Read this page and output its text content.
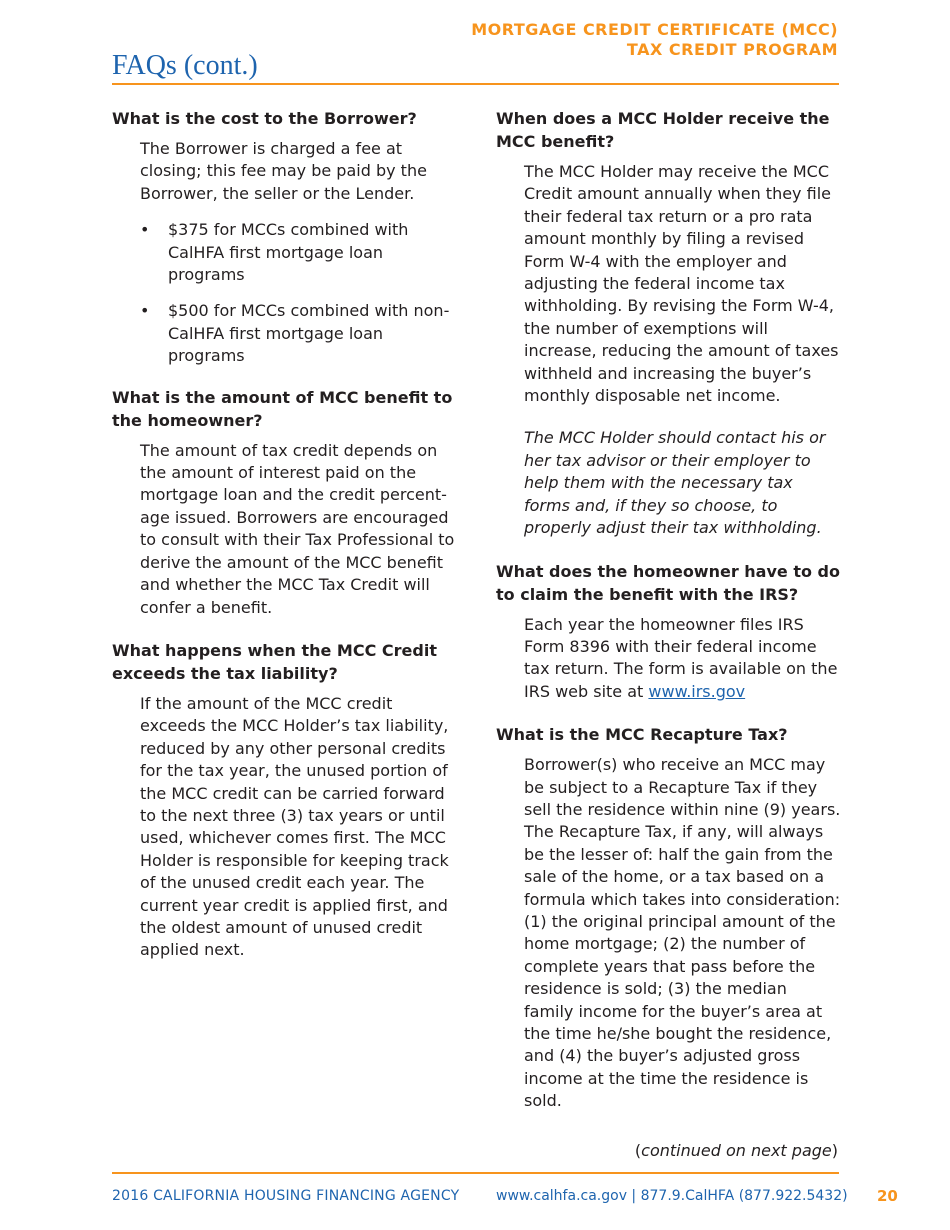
MORTGAGE CREDIT CERTIFICATE (MCC)
TAX CREDIT PROGRAM
FAQs (cont.)
What is the cost to the Borrower?
The Borrower is charged a fee at closing; this fee may be paid by the Borrower, the seller or the Lender.
• $375 for MCCs combined with CalHFA first mortgage loan programs
• $500 for MCCs combined with non-CalHFA first mortgage loan programs
What is the amount of MCC benefit to the homeowner?
The amount of tax credit depends on the amount of interest paid on the mortgage loan and the credit percent-age issued. Borrowers are encouraged to consult with their Tax Professional to derive the amount of the MCC benefit and whether the MCC Tax Credit will confer a benefit.
What happens when the MCC Credit exceeds the tax liability?
If the amount of the MCC credit exceeds the MCC Holder’s tax liability, reduced by any other personal credits for the tax year, the unused portion of the MCC credit can be carried forward to the next three (3) tax years or until used, whichever comes first. The MCC Holder is responsible for keeping track of the unused credit each year. The current year credit is applied first, and the oldest amount of unused credit applied next.
When does a MCC Holder receive the MCC benefit?
The MCC Holder may receive the MCC Credit amount annually when they file their federal tax return or a pro rata amount monthly by filing a revised Form W-4 with the employer and adjusting the federal income tax withholding. By revising the Form W-4, the number of exemptions will increase, reducing the amount of taxes withheld and increasing the buyer’s monthly disposable net income.
The MCC Holder should contact his or her tax advisor or their employer to help them with the necessary tax forms and, if they so choose, to properly adjust their tax withholding.
What does the homeowner have to do to claim the benefit with the IRS?
Each year the homeowner files IRS Form 8396 with their federal income tax return. The form is available on the IRS web site at www.irs.gov
What is the MCC Recapture Tax?
Borrower(s) who receive an MCC may be subject to a Recapture Tax if they sell the residence within nine (9) years. The Recapture Tax, if any, will always be the lesser of: half the gain from the sale of the home, or a tax based on a formula which takes into consideration: (1) the original principal amount of the home mortgage; (2) the number of complete years that pass before the residence is sold; (3) the median family income for the buyer’s area at the time he/she bought the residence, and (4) the buyer’s adjusted gross income at the time the residence is sold.
(continued on next page)
2016 CALIFORNIA HOUSING FINANCING AGENCY	www.calhfa.ca.gov | 877.9.CalHFA (877.922.5432) 20
